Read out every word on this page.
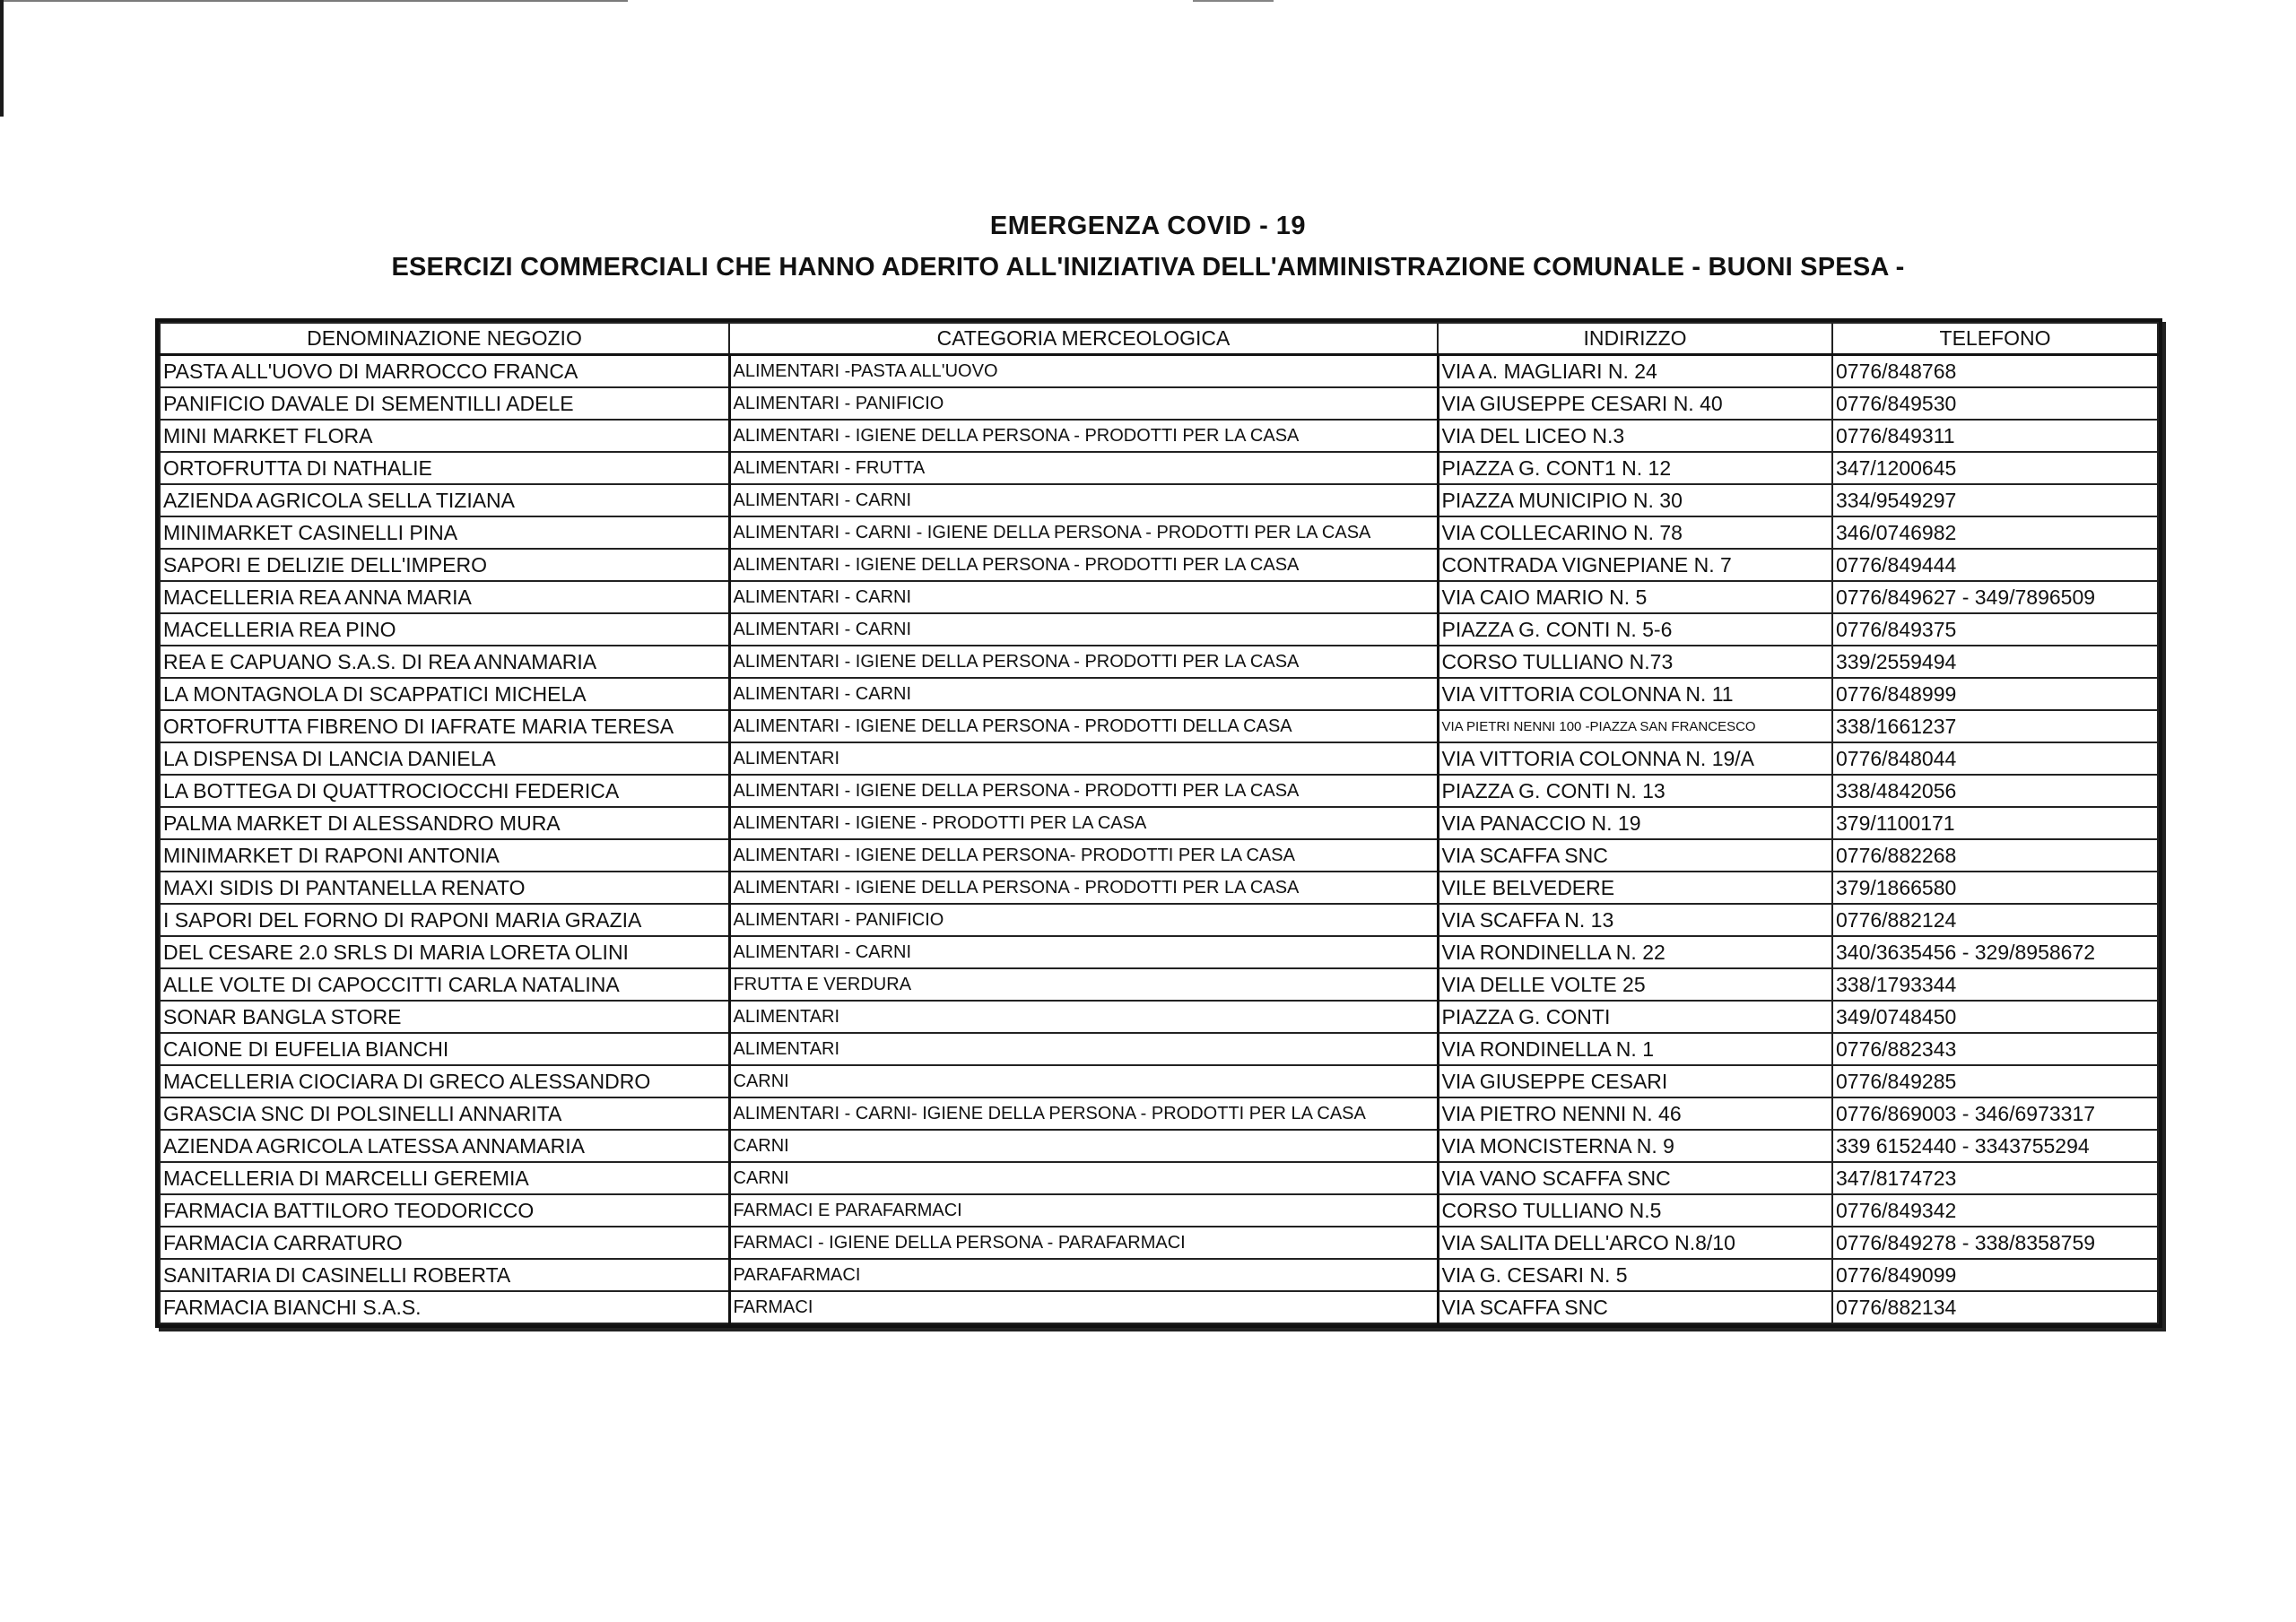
EMERGENZA COVID - 19
ESERCIZI COMMERCIALI CHE HANNO ADERITO ALL'INIZIATIVA DELL'AMMINISTRAZIONE COMUNALE - BUONI SPESA -
DENOMINAZIONE NEGOZIO	CATEGORIA MERCEOLOGICA	INDIRIZZO	TELEFONO
PASTA ALL'UOVO DI MARROCCO FRANCA	ALIMENTARI -PASTA ALL'UOVO	VIA A. MAGLIARI N. 24	0776/848768
PANIFICIO DAVALE DI SEMENTILLI ADELE	ALIMENTARI - PANIFICIO	VIA GIUSEPPE CESARI N. 40	0776/849530
MINI MARKET FLORA	ALIMENTARI - IGIENE DELLA PERSONA - PRODOTTI PER LA CASA	VIA DEL LICEO N.3	0776/849311
ORTOFRUTTA DI NATHALIE	ALIMENTARI - FRUTTA	PIAZZA G. CONT1 N. 12	347/1200645
AZIENDA AGRICOLA SELLA TIZIANA	ALIMENTARI - CARNI	PIAZZA MUNICIPIO N. 30	334/9549297
MINIMARKET CASINELLI PINA	ALIMENTARI - CARNI - IGIENE DELLA PERSONA - PRODOTTI PER LA CASA	VIA COLLECARINO N. 78	346/0746982
SAPORI E DELIZIE DELL'IMPERO	ALIMENTARI - IGIENE DELLA PERSONA - PRODOTTI PER LA CASA	CONTRADA VIGNEPIANE N. 7	0776/849444
MACELLERIA REA ANNA MARIA	ALIMENTARI - CARNI	VIA CAIO MARIO N. 5	0776/849627 - 349/7896509
MACELLERIA REA PINO	ALIMENTARI - CARNI	PIAZZA G. CONTI N. 5-6	0776/849375
REA E CAPUANO S.A.S. DI REA ANNAMARIA	ALIMENTARI - IGIENE DELLA PERSONA - PRODOTTI PER LA CASA	CORSO TULLIANO N.73	339/2559494
LA MONTAGNOLA DI SCAPPATICI MICHELA	ALIMENTARI - CARNI	VIA VITTORIA COLONNA N. 11	0776/848999
ORTOFRUTTA FIBRENO DI IAFRATE MARIA TERESA	ALIMENTARI - IGIENE DELLA PERSONA - PRODOTTI DELLA CASA	VIA PIETRI NENNI 100 -PIAZZA SAN FRANCESCO	338/1661237
LA DISPENSA DI LANCIA DANIELA	ALIMENTARI	VIA VITTORIA COLONNA N. 19/A	0776/848044
LA BOTTEGA DI QUATTROCIOCCHI FEDERICA	ALIMENTARI - IGIENE DELLA PERSONA - PRODOTTI PER LA CASA	PIAZZA G. CONTI N. 13	338/4842056
PALMA MARKET DI ALESSANDRO MURA	ALIMENTARI - IGIENE - PRODOTTI PER LA CASA	VIA PANACCIO N. 19	379/1100171
MINIMARKET DI RAPONI ANTONIA	ALIMENTARI - IGIENE DELLA PERSONA- PRODOTTI PER LA CASA	VIA SCAFFA SNC	0776/882268
MAXI SIDIS DI PANTANELLA RENATO	ALIMENTARI - IGIENE DELLA PERSONA - PRODOTTI PER LA CASA	VILE BELVEDERE	379/1866580
I SAPORI DEL FORNO DI RAPONI MARIA GRAZIA	ALIMENTARI - PANIFICIO	VIA SCAFFA N. 13	0776/882124
DEL CESARE 2.0 SRLS DI MARIA LORETA OLINI	ALIMENTARI - CARNI	VIA RONDINELLA N. 22	340/3635456 - 329/8958672
ALLE VOLTE DI CAPOCCITTI CARLA NATALINA	FRUTTA E VERDURA	VIA DELLE VOLTE 25	338/1793344
SONAR BANGLA STORE	ALIMENTARI	PIAZZA G. CONTI	349/0748450
CAIONE DI EUFELIA BIANCHI	ALIMENTARI	VIA RONDINELLA N. 1	0776/882343
MACELLERIA CIOCIARA DI GRECO ALESSANDRO	CARNI	VIA GIUSEPPE CESARI	0776/849285
GRASCIA SNC DI POLSINELLI ANNARITA	ALIMENTARI - CARNI- IGIENE DELLA PERSONA - PRODOTTI PER LA CASA	VIA PIETRO NENNI N. 46	0776/869003 - 346/6973317
AZIENDA AGRICOLA LATESSA ANNAMARIA	CARNI	VIA MONCISTERNA N. 9	339 6152440 - 3343755294
MACELLERIA DI MARCELLI GEREMIA	CARNI	VIA VANO SCAFFA SNC	347/8174723
FARMACIA BATTILORO TEODORICCO	FARMACI E PARAFARMACI	CORSO TULLIANO N.5	0776/849342
FARMACIA CARRATURO	FARMACI - IGIENE DELLA PERSONA - PARAFARMACI	VIA SALITA DELL'ARCO N.8/10	0776/849278 - 338/8358759
SANITARIA DI CASINELLI ROBERTA	PARAFARMACI	VIA G. CESARI N. 5	0776/849099
FARMACIA BIANCHI S.A.S.	FARMACI	VIA SCAFFA SNC	0776/882134
